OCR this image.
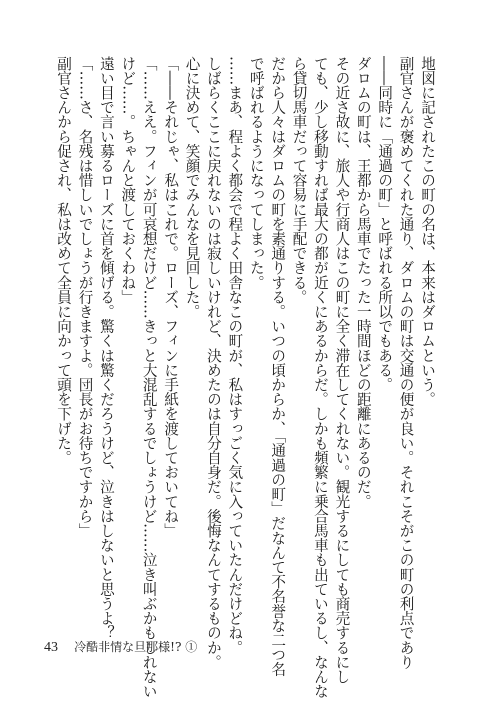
地図に記されたこの町の名は、本来はダロムという。
副官さんが褒めてくれた通り、ダロムの町は交通の便が良い。それこそがこの町の利点であり
――同時に「通過の町」と呼ばれる所以でもある。
ダロムの町は、王都から馬車でたった一時間ほどの距離にあるのだ。
その近さ故に、旅人や行商人はこの町に全く滞在してくれない。観光するにしても商売するにし
ても、少し移動すれば最大の都が近くにあるからだ。しかも頻繁に乗合馬車も出ているし、なんな
ら貸切馬車だって容易に手配できる。
だから人々はダロムの町を素通りする。いつの頃からか、「通過の町」だなんて不名誉な二つ名
で呼ばれるようになってしまった。
……まあ、程よく都会で程よく田舎なこの町が、私はすっごく気に入っていたんだけどね。
しばらくここに戻れないのは寂しいけれど、決めたのは自分自身だ。後悔なんてするものか。
心に決めて、笑顔でみんなを見回した。
「――それじゃ、私はこれで。ローズ、フィンに手紙を渡しておいてね」
「……ええ。フィンが可哀想だけど……きっと大混乱するでしょうけど……泣き叫ぶかもしれない
けど……。ちゃんと渡しておくわね」
遠い目で言い募るローズに首を傾げる。驚くは驚くだろうけど、泣きはしないと思うよ？
「……さ、名残は惜しいでしょうが行きますよ。団長がお待ちですから」
副官さんから促され、私は改めて全員に向かって頭を下げた。
43 冷酷非情な旦那様!? ①
